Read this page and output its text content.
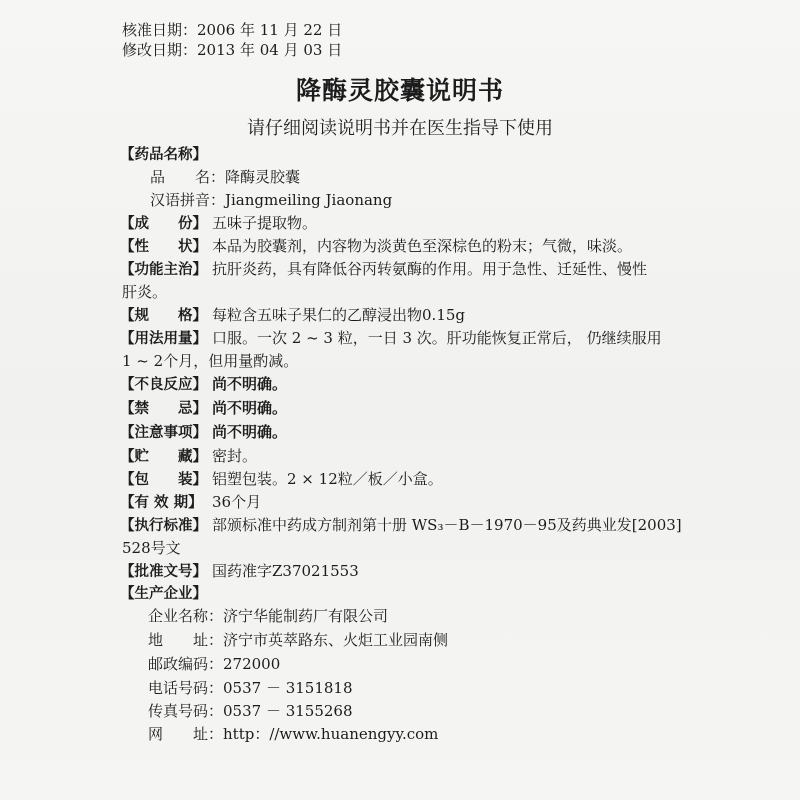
核准日期：2006 年 11 月 22 日
修改日期：2013 年 04 月 03 日
降酶灵胶囊说明书
请仔细阅读说明书并在医生指导下使用
【药品名称】
品　　名：降酶灵胶囊
汉语拼音：Jiangmeiling Jiaonang
【成　　份】 五味子提取物。
【性　　状】 本品为胶囊剂，内容物为淡黄色至深棕色的粉末；气微，味淡。
【功能主治】 抗肝炎药，具有降低谷丙转氨酶的作用。用于急性、迁延性、慢性
肝炎。
【规　　格】 每粒含五味子果仁的乙醇浸出物0.15g
【用法用量】 口服。一次 2 ~ 3 粒，一日 3 次。肝功能恢复正常后， 仍继续服用
1 ~ 2个月，但用量酌减。
【不良反应】 尚不明确。
【禁　　忌】 尚不明确。
【注意事项】 尚不明确。
【贮　　藏】 密封。
【包　　装】 铝塑包装。2 × 12粒／板／小盒。
【有 效 期】 36个月
【执行标准】 部颁标准中药成方制剂第十册 WS₃－B－1970－95及药典业发[2003]
528号文
【批准文号】 国药准字Z37021553
【生产企业】
企业名称：济宁华能制药厂有限公司
地　　址：济宁市英萃路东、火炬工业园南侧
邮政编码：272000
电话号码：0537 － 3151818
传真号码：0537 － 3155268
网　　址：http：//www.huanengyy.com
